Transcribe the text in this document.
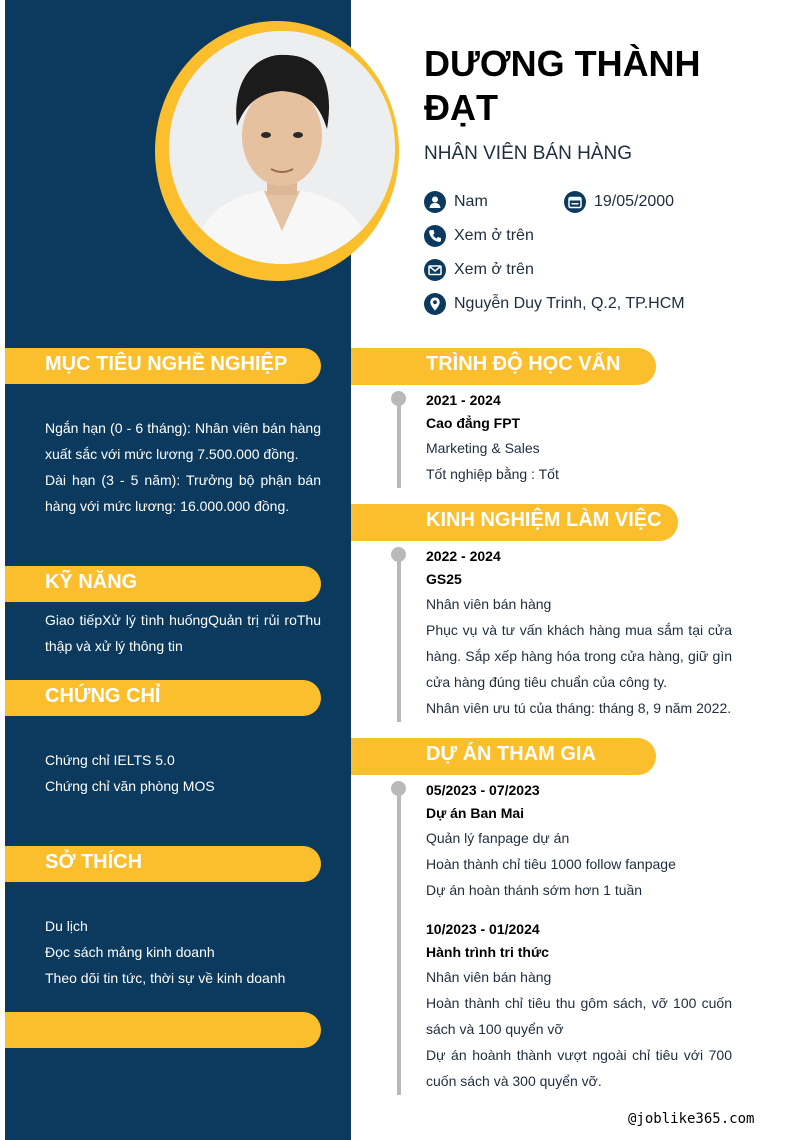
DƯƠNG THÀNH ĐẠT
NHÂN VIÊN BÁN HÀNG
Nam	19/05/2000
Xem ở trên
Xem ở trên
Nguyễn Duy Trinh, Q.2, TP.HCM
MỤC TIÊU NGHỀ NGHIỆP

Ngắn hạn (0 - 6 tháng): Nhân viên bán hàng xuất sắc với mức lương 7.500.000 đồng.

Dài hạn (3 - 5 năm): Trưởng bộ phận bán hàng với mức lương: 16.000.000 đồng.

KỸ NĂNG

Giao tiếpXử lý tình huốngQuản trị rủi roThu thập và xử lý thông tin

CHỨNG CHỈ

Chứng chỉ IELTS 5.0

Chứng chỉ văn phòng MOS

SỞ THÍCH

Du lịch

Đọc sách mảng kinh doanh

Theo dõi tin tức, thời sự về kinh doanh

TRÌNH ĐỘ HỌC VẤN
2021 - 2024
Cao đẳng FPT

Marketing & Sales

Tốt nghiệp bằng : Tốt

KINH NGHIỆM LÀM VIỆC
2022 - 2024
GS25

Nhân viên bán hàng

Phục vụ và tư vấn khách hàng mua sắm tại cửa hàng. Sắp xếp hàng hóa trong cửa hàng, giữ gìn cửa hàng đúng tiêu chuẩn của công ty.

Nhân viên ưu tú của tháng: tháng 8, 9 năm 2022.

DỰ ÁN THAM GIA
05/2023 - 07/2023
Dự án Ban Mai

Quản lý fanpage dự án

Hoàn thành chỉ tiêu 1000 follow fanpage

Dự án hoàn thánh sớm hơn 1 tuần

10/2023 - 01/2024
Hành trình tri thức

Nhân viên bán hàng

Hoàn thành chỉ tiêu thu gôm sách, vỡ 100 cuốn sách và 100 quyển vỡ

Dự án hoành thành vượt ngoài chỉ tiêu với 700 cuốn sách và 300 quyển vỡ.

@joblike365.com
